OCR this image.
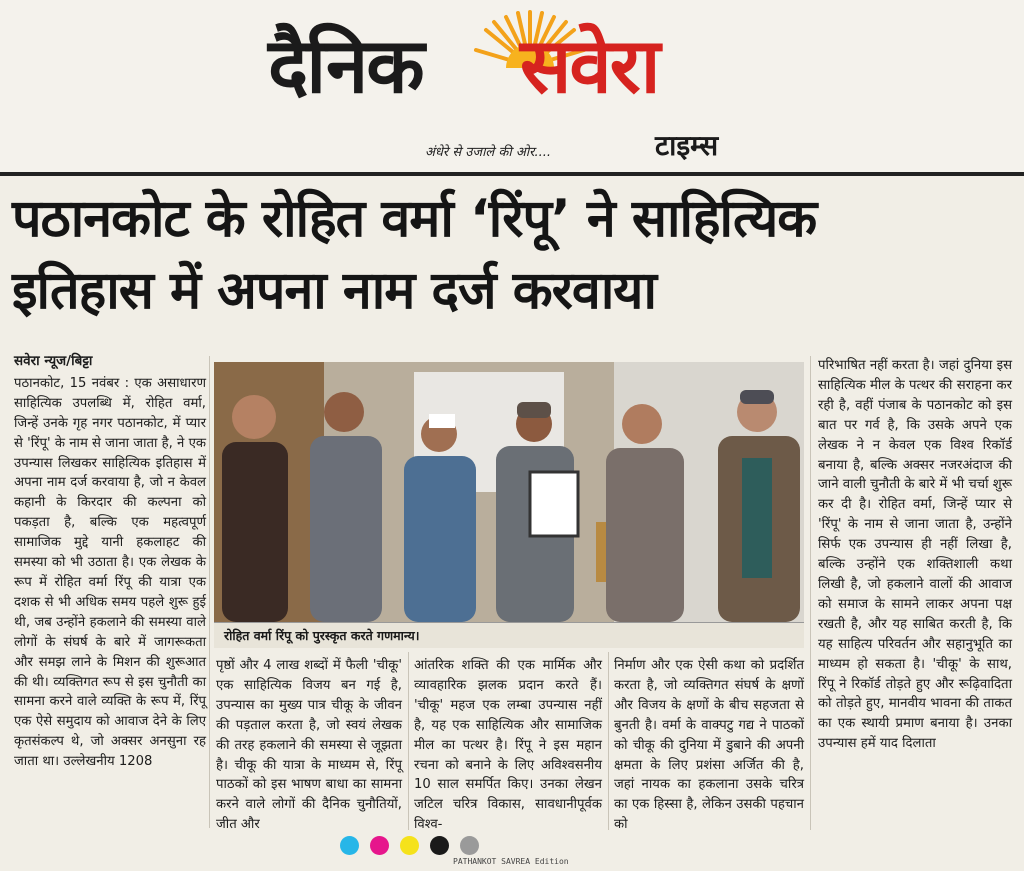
दैनिक सवेरा
अंधेरे से उजाले की ओर....	टाइम्स
पठानकोट के रोहित वर्मा ‘रिंपू’ ने साहित्यिक
इतिहास में अपना नाम दर्ज करवाया
सवेरा न्यूज/बिट्टा
पठानकोट, 15 नवंबर : एक असाधारण साहित्यिक उपलब्धि में, रोहित वर्मा, जिन्हें उनके गृह नगर पठानकोट, में प्यार से 'रिंपू' के नाम से जाना जाता है, ने एक उपन्यास लिखकर साहित्यिक इतिहास में अपना नाम दर्ज करवाया है, जो न केवल कहानी के किरदार की कल्पना को पकड़ता है, बल्कि एक महत्वपूर्ण सामाजिक मुद्दे यानी हकलाहट की समस्या को भी उठाता है। एक लेखक के रूप में रोहित वर्मा रिंपू की यात्रा एक दशक से भी अधिक समय पहले शुरू हुई थी, जब उन्होंने हकलाने की समस्या वाले लोगों के संघर्ष के बारे में जागरूकता और समझ लाने के मिशन की शुरूआत की थी। व्यक्तिगत रूप से इस चुनौती का सामना करने वाले व्यक्ति के रूप में, रिंपू एक ऐसे समुदाय को आवाज देने के लिए कृतसंकल्प थे, जो अक्सर अनसुना रह जाता था। उल्लेखनीय 1208
रोहित वर्मा रिंपू को पुरस्कृत करते गणमान्य।
पृष्ठों और 4 लाख शब्दों में फैली 'चीकू' एक साहित्यिक विजय बन गई है, उपन्यास का मुख्य पात्र चीकू के जीवन की पड़ताल करता है, जो स्वयं लेखक की तरह हकलाने की समस्या से जूझता है। चीकू की यात्रा के माध्यम से, रिंपू पाठकों को इस भाषण बाधा का सामना करने वाले लोगों की दैनिक चुनौतियों, जीत और
आंतरिक शक्ति की एक मार्मिक और व्यावहारिक झलक प्रदान करते हैं। 'चीकू' महज एक लम्बा उपन्यास नहीं है, यह एक साहित्यिक और सामाजिक मील का पत्थर है। रिंपू ने इस महान रचना को बनाने के लिए अविश्वसनीय 10 साल समर्पित किए। उनका लेखन जटिल चरित्र विकास, सावधानीपूर्वक विश्व-
निर्माण और एक ऐसी कथा को प्रदर्शित करता है, जो व्यक्तिगत संघर्ष के क्षणों और विजय के क्षणों के बीच सहजता से बुनती है। वर्मा के वाक्पटु गद्य ने पाठकों को चीकू की दुनिया में डुबाने की अपनी क्षमता के लिए प्रशंसा अर्जित की है, जहां नायक का हकलाना उसके चरित्र का एक हिस्सा है, लेकिन उसकी पहचान को
परिभाषित नहीं करता है। जहां दुनिया इस साहित्यिक मील के पत्थर की सराहना कर रही है, वहीं पंजाब के पठानकोट को इस बात पर गर्व है, कि उसके अपने एक लेखक ने न केवल एक विश्व रिकॉर्ड बनाया है, बल्कि अक्सर नजरअंदाज की जाने वाली चुनौती के बारे में भी चर्चा शुरू कर दी है। रोहित वर्मा, जिन्हें प्यार से 'रिंपू' के नाम से जाना जाता है, उन्होंने सिर्फ एक उपन्यास ही नहीं लिखा है, बल्कि उन्होंने एक शक्तिशाली कथा लिखी है, जो हकलाने वालों की आवाज को समाज के सामने लाकर अपना पक्ष रखती है, और यह साबित करती है, कि यह साहित्य परिवर्तन और सहानुभूति का माध्यम हो सकता है। 'चीकू' के साथ, रिंपू ने रिकॉर्ड तोड़ते हुए और रूढ़िवादिता को तोड़ते हुए, मानवीय भावना की ताकत का एक स्थायी प्रमाण बनाया है। उनका उपन्यास हमें याद दिलाता
PATHANKOT SAVREA Edition
